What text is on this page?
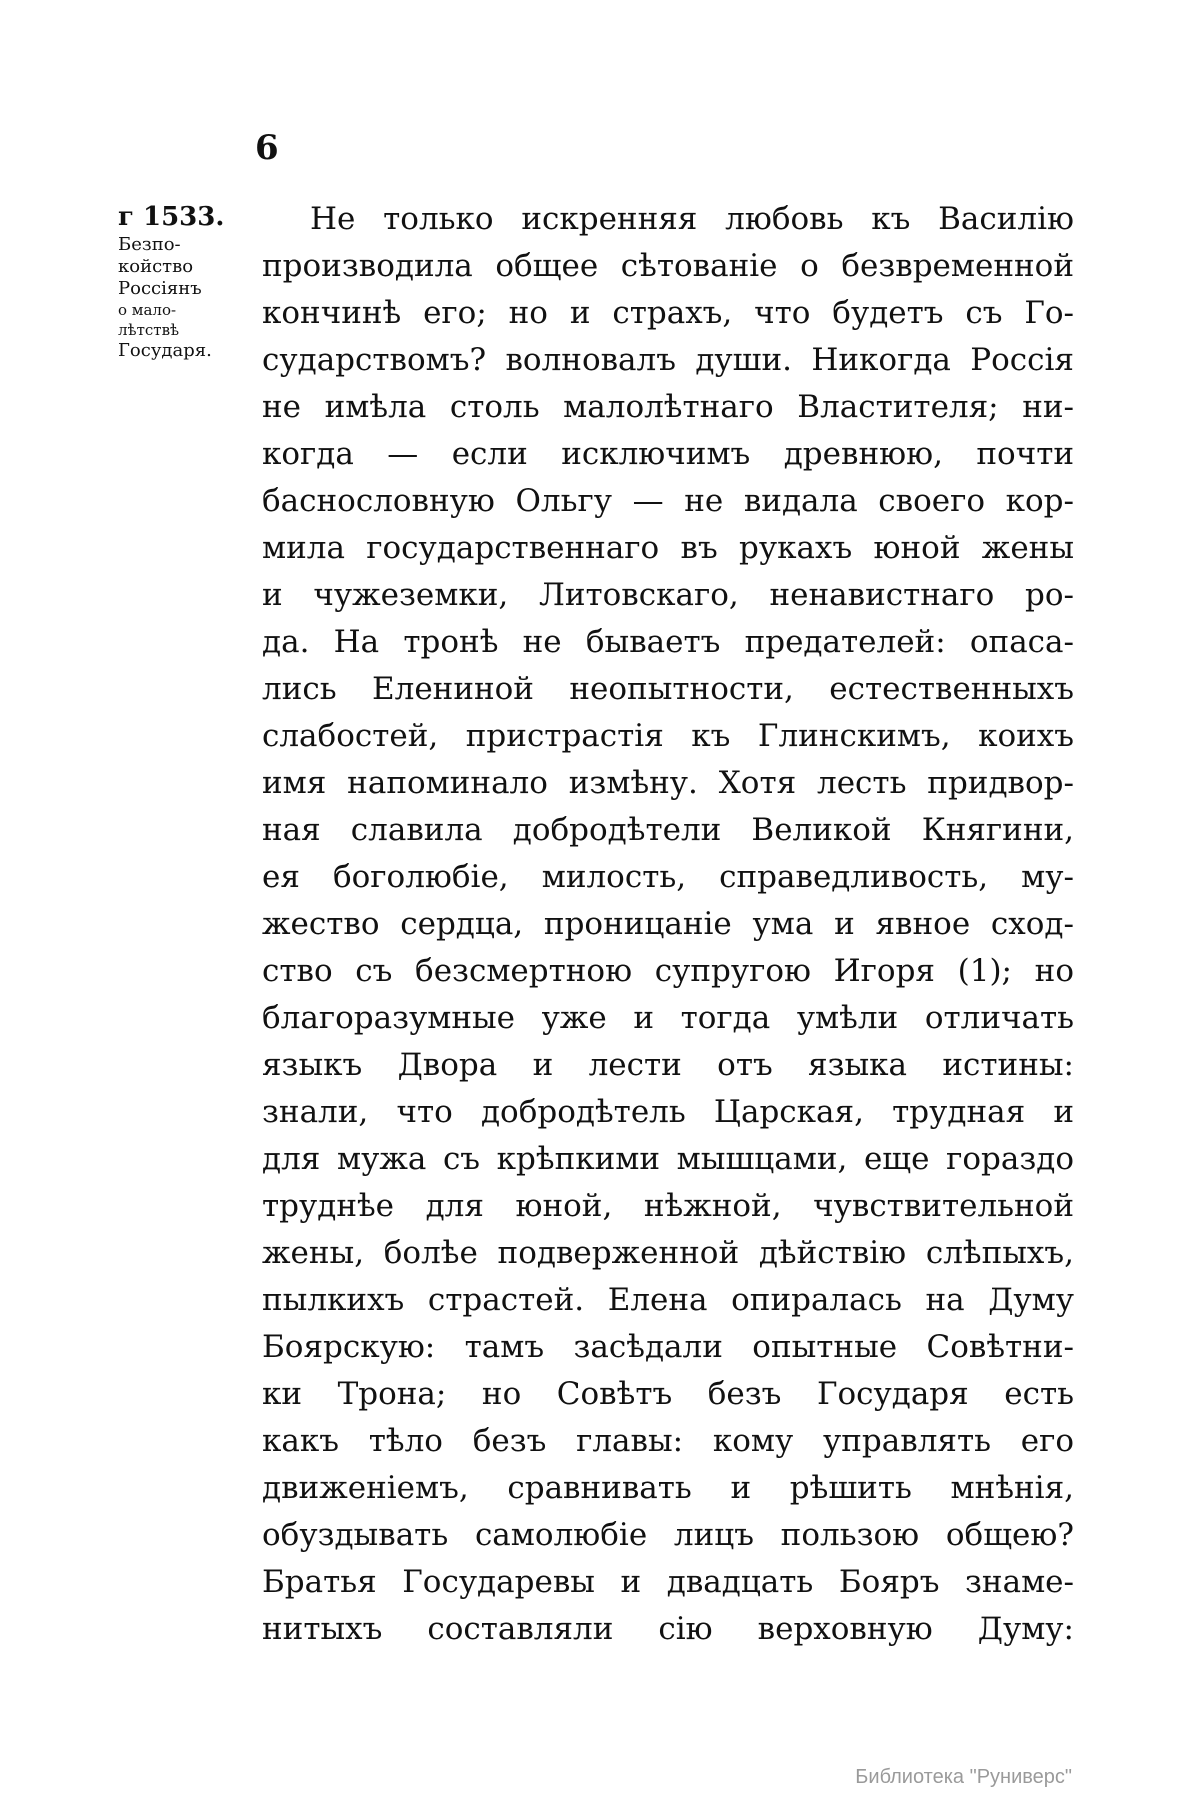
6
г 1533.
Безпо-
койство
Россіянъ
о мало-
лѣтствѣ
Государя.
Не только искренняя любовь къ Василію
производила общее сѣтованіе о безвременной
кончинѣ его; но и страхъ, что будетъ съ Го-
сударствомъ? волновалъ души. Никогда Россія
не имѣла столь малолѣтнаго Властителя; ни-
когда — если исключимъ древнюю, почти
баснословную Ольгу — не видала своего кор-
мила государственнаго въ рукахъ юной жены
и чужеземки, Литовскаго, ненавистнаго ро-
да. На тронѣ не бываетъ предателей: опаса-
лись Елениной неопытности, естественныхъ
слабостей, пристрастія къ Глинскимъ, коихъ
имя напоминало измѣну. Хотя лесть придвор-
ная славила добродѣтели Великой Княгини,
ея боголюбіе, милость, справедливость, му-
жество сердца, проницаніе ума и явное сход-
ство съ безсмертною супругою Игоря (1); но
благоразумные уже и тогда умѣли отличать
языкъ Двора и лести отъ языка истины:
знали, что добродѣтель Царская, трудная и
для мужа съ крѣпкими мышцами, еще гораздо
труднѣе для юной, нѣжной, чувствительной
жены, болѣе подверженной дѣйствію слѣпыхъ,
пылкихъ страстей. Елена опиралась на Думу
Боярскую: тамъ засѣдали опытные Совѣтни-
ки Трона; но Совѣтъ безъ Государя есть
какъ тѣло безъ главы: кому управлять его
движеніемъ, сравнивать и рѣшить мнѣнія,
обуздывать самолюбіе лицъ пользою общею?
Братья Государевы и двадцать Бояръ знаме-
нитыхъ составляли сію верховную Думу:
Библиотека "Руниверс"
